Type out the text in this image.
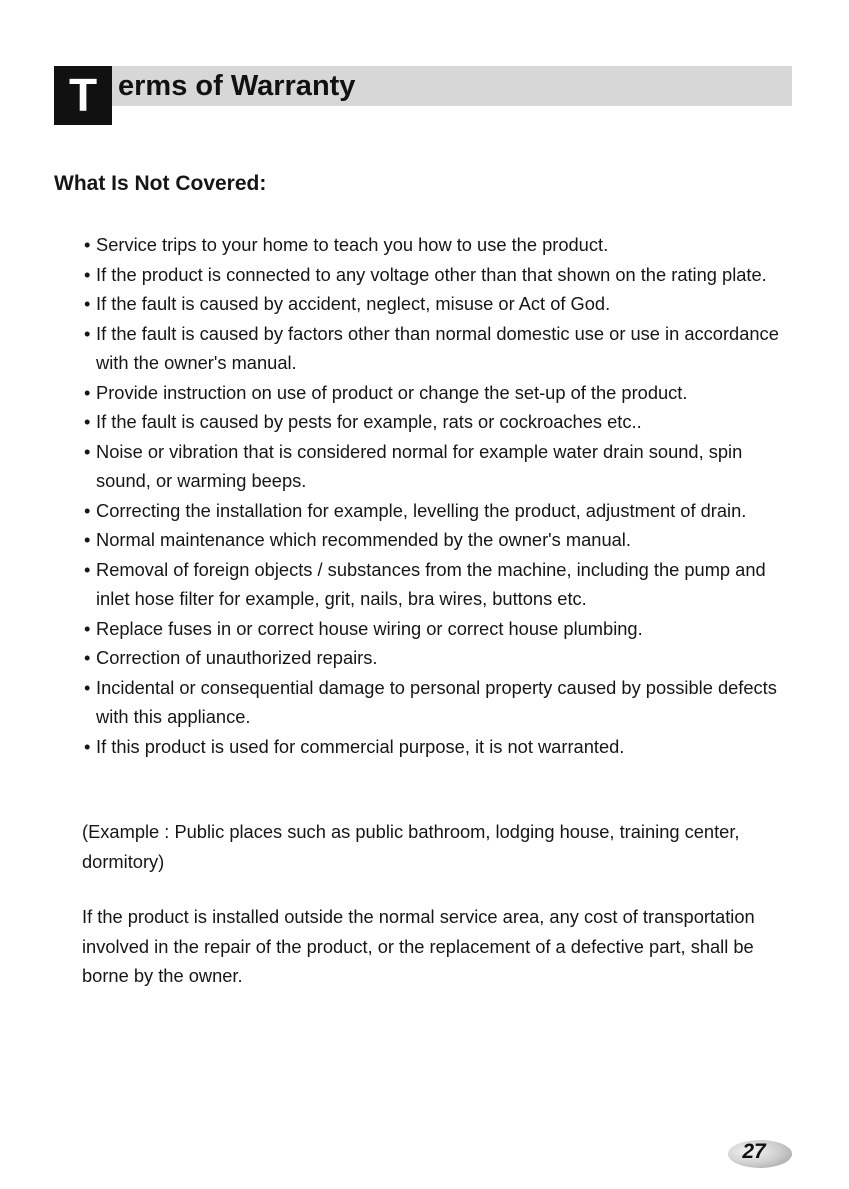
T erms of Warranty
What Is Not Covered:
• Service trips to your home to teach you how to use the product.
• If the product is connected to any voltage other than that shown on the rating plate.
• If the fault is caused by accident, neglect, misuse or Act of God.
• If the fault is caused by factors other than normal domestic use or use in accordance with the owner's manual.
• Provide instruction on use of product or change the set-up of the product.
• If the fault is caused by pests for example, rats or cockroaches etc..
• Noise or vibration that is considered normal for example water drain sound, spin sound, or warming beeps.
• Correcting the installation for example, levelling the product, adjustment of drain.
• Normal maintenance which recommended by the owner's manual.
• Removal of foreign objects / substances from the machine, including the pump and inlet hose filter for example, grit, nails, bra wires, buttons etc.
• Replace fuses in or correct house wiring or correct house plumbing.
• Correction of unauthorized repairs.
• Incidental or consequential damage to personal property caused by possible defects with this appliance.
• If this product is used for commercial purpose, it is not warranted.

(Example : Public places such as public bathroom, lodging house, training center, dormitory)

If the product is installed outside the normal service area, any cost of transportation involved in the repair of the product, or the replacement of a defective part, shall be borne by the owner.

27
